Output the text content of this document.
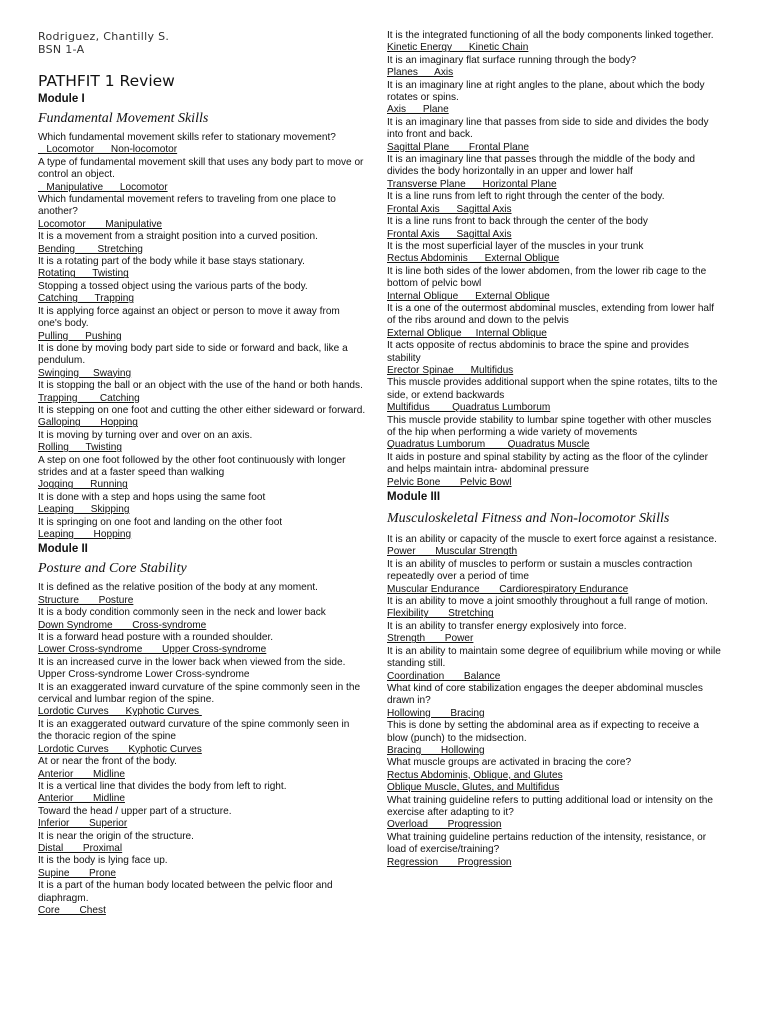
Rodriguez, Chantilly S.
BSN 1-A
PATHFIT 1 Review
Module I
Fundamental Movement Skills
Which fundamental movement skills refer to stationary movement?
Locomotor      Non-locomotor
A type of fundamental movement skill that uses any body part to move or control an object.
Manipulative      Locomotor
Which fundamental movement refers to traveling from one place to another?
Locomotor       Manipulative
It is a movement from a straight position into a curved position.
Bending        Stretching
It is a rotating part of the body while it base stays stationary.
Rotating      Twisting
Stopping a tossed object using the various parts of the body.
Catching      Trapping
It is applying force against an object or person to move it away from one's body.
Pulling      Pushing
It is done by moving body part side to side or forward and back, like a pendulum.
Swinging     Swaying
It is stopping the ball or an object with the use of the hand or both hands.
Trapping        Catching
It is stepping on one foot and cutting the other either sideward or forward.
Galloping       Hopping
It is moving by turning over and over on an axis.
Rolling      Twisting
A step on one foot followed by the other foot continuously with longer strides and at a faster speed than walking
Jogging      Running
It is done with a step and hops using the same foot
Leaping      Skipping
It is springing on one foot and landing on the other foot
Leaping       Hopping
Module II
Posture and Core Stability
It is defined as the relative position of the body at any moment.
Structure       Posture
It is a body condition commonly seen in the neck and lower back
Down Syndrome       Cross-syndrome
It is a forward head posture with a rounded shoulder.
Lower Cross-syndrome       Upper Cross-syndrome
It is an increased curve in the lower back when viewed from the side. Upper Cross-syndrome Lower Cross-syndrome
It is an exaggerated inward curvature of the spine commonly seen in the cervical and lumbar region of the spine.
Lordotic Curves      Kyphotic Curves
It is an exaggerated outward curvature of the spine commonly seen in the thoracic region of the spine
Lordotic Curves       Kyphotic Curves
At or near the front of the body.
Anterior       Midline
It is a vertical line that divides the body from left to right.
Anterior       Midline
Toward the head / upper part of a structure.
Inferior       Superior
It is near the origin of the structure.
Distal       Proximal
It is the body is lying face up.
Supine       Prone
It is a part of the human body located between the pelvic floor and diaphragm.
Core       Chest
It is the integrated functioning of all the body components linked together.
Kinetic Energy      Kinetic Chain
It is an imaginary flat surface running through the body?
Planes      Axis
It is an imaginary line at right angles to the plane, about which the body rotates or spins.
Axis      Plane
It is an imaginary line that passes from side to side and divides the body into front and back.
Sagittal Plane       Frontal Plane
It is an imaginary line that passes through the middle of the body and divides the body horizontally in an upper and lower half
Transverse Plane      Horizontal Plane
It is a line runs from left to right through the center of the body.
Frontal Axis      Sagittal Axis
It is a line runs front to back through the center of the body
Frontal Axis      Sagittal Axis
It is the most superficial layer of the muscles in your trunk
Rectus Abdominis      External Oblique
It is line both sides of the lower abdomen, from the lower rib cage to the bottom of pelvic bowl
Internal Oblique      External Oblique
It is a one of the outermost abdominal muscles, extending from lower half of the ribs around and down to the pelvis
External Oblique     Internal Oblique
It acts opposite of rectus abdominis to brace the spine and provides stability
Erector Spinae      Multifidus
This muscle provides additional support when the spine rotates, tilts to the side, or extend backwards
Multifidus        Quadratus Lumborum
This muscle provide stability to lumbar spine together with other muscles of the hip when performing a wide variety of movements
Quadratus Lumborum        Quadratus Muscle
It aids in posture and spinal stability by acting as the floor of the cylinder and helps maintain intra- abdominal pressure
Pelvic Bone       Pelvic Bowl
Module III
Musculoskeletal Fitness and Non-locomotor Skills
It is an ability or capacity of the muscle to exert force against a resistance.
Power       Muscular Strength
It is an ability of muscles to perform or sustain a muscles contraction repeatedly over a period of time
Muscular Endurance       Cardiorespiratory Endurance
It is an ability to move a joint smoothly throughout a full range of motion.
Flexibility       Stretching
It is an ability to transfer energy explosively into force.
Strength       Power
It is an ability to maintain some degree of equilibrium while moving or while standing still.
Coordination       Balance
What kind of core stabilization engages the deeper abdominal muscles drawn in?
Hollowing       Bracing
This is done by setting the abdominal area as if expecting to receive a blow (punch) to the midsection.
Bracing       Hollowing
What muscle groups are activated in bracing the core?
Rectus Abdominis, Oblique, and Glutes
Oblique Muscle, Glutes, and Multifidus
What training guideline refers to putting additional load or intensity on the exercise after adapting to it?
Overload       Progression
What training guideline pertains reduction of the intensity, resistance, or load of exercise/training?
Regression       Progression
